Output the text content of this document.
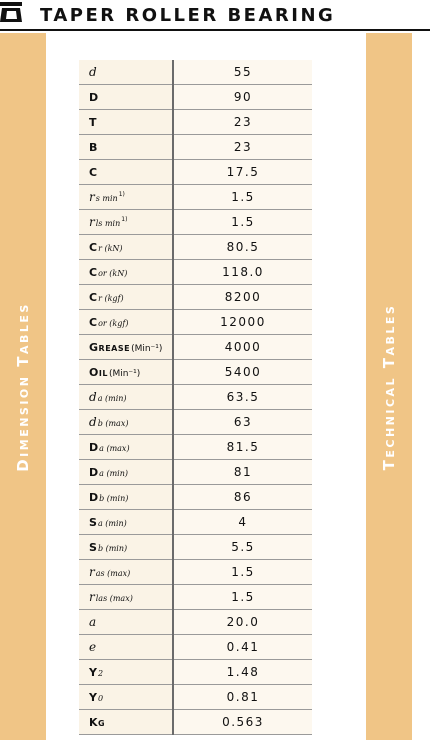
TAPER ROLLER BEARING
Dimension Tables	Technical Tables
d	55
D	90
T	23
B	23
C	17.5
rs $\min^{1)}$	1.5
rls $\min^{1)}$	1.5
Cr (kN)	80.5
Cor (kN)	118.0
Cr (kgf)	8200
Cor (kgf)	12000
Grease(Min⁻¹)	4000
Oil(Min⁻¹)	5400
da (min)	63.5
db (max)	63
Da (max)	81.5
Da (min)	81
Db (min)	86
Sa (min)	4
Sb (min)	5.5
ras (max)	1.5
rlas (max)	1.5
a	20.0
e	0.41
Y2	1.48
Y0	0.81
Kg	0.563
